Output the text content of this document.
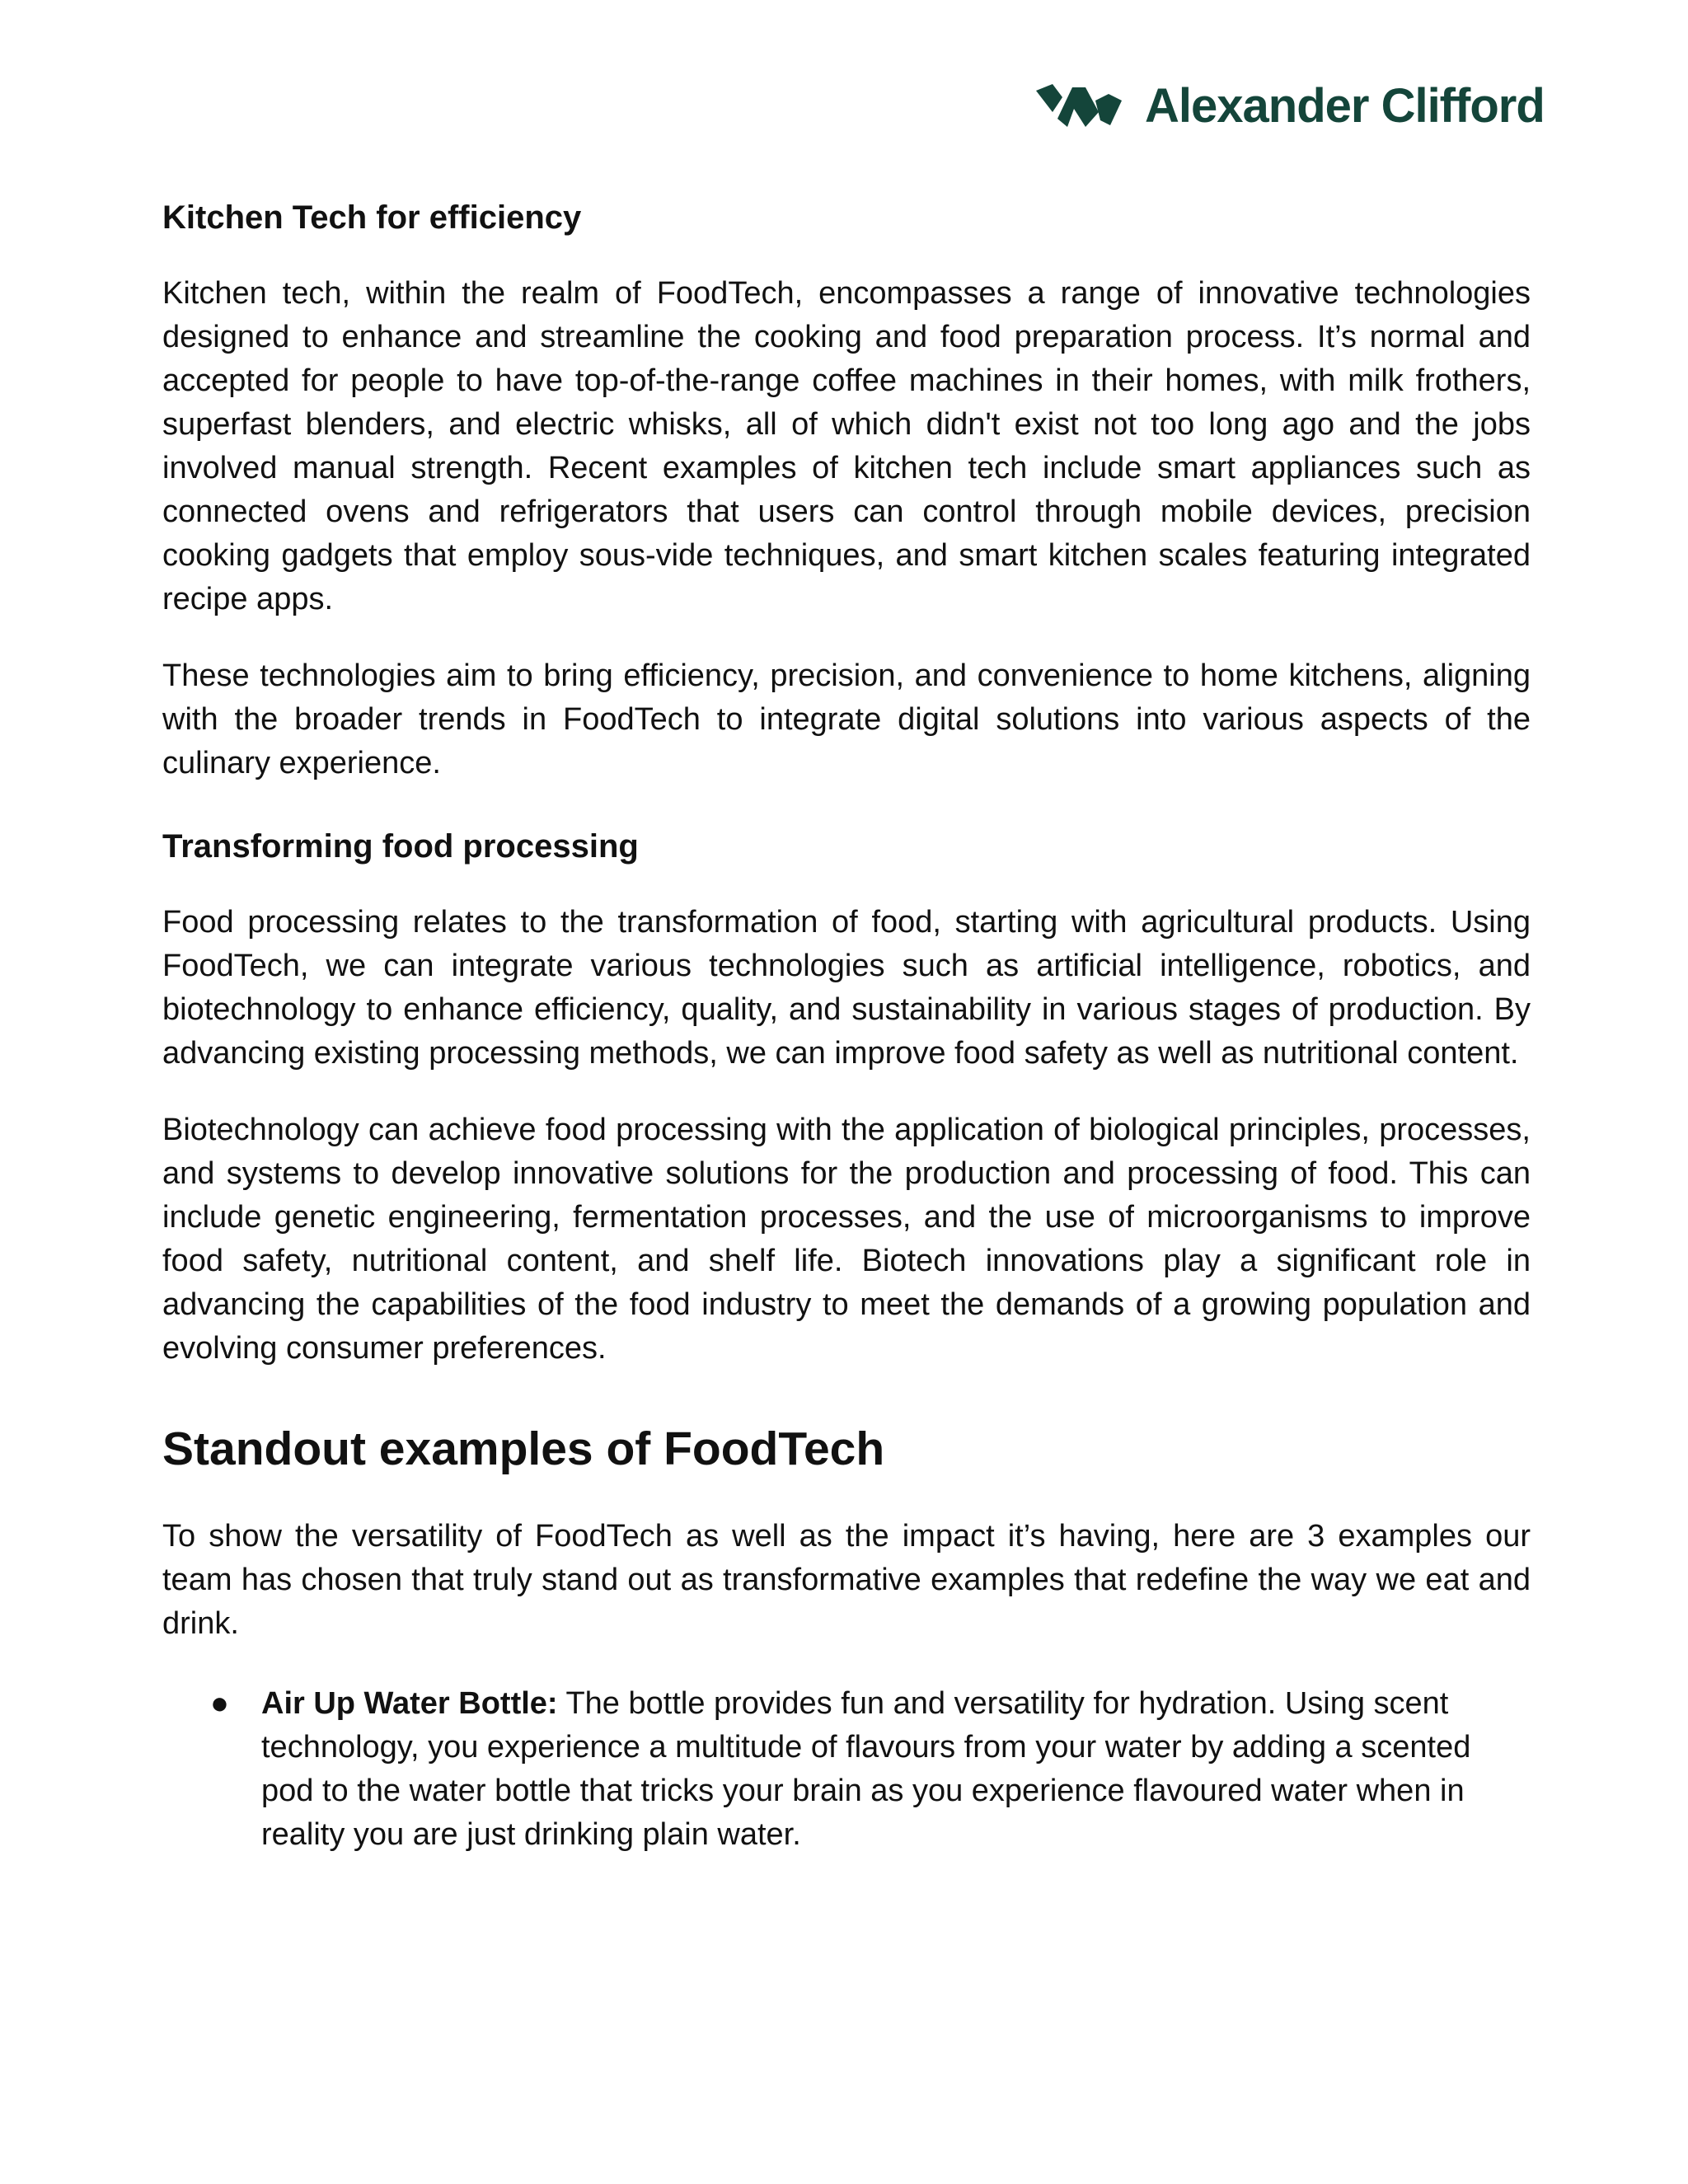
Alexander Clifford
Kitchen Tech for efficiency

Kitchen tech, within the realm of FoodTech, encompasses a range of innovative technologies designed to enhance and streamline the cooking and food preparation process. It’s normal and accepted for people to have top-of-the-range coffee machines in their homes, with milk frothers, superfast blenders, and electric whisks, all of which didn't exist not too long ago and the jobs involved manual strength. Recent examples of kitchen tech include smart appliances such as connected ovens and refrigerators that users can control through mobile devices, precision cooking gadgets that employ sous-vide techniques, and smart kitchen scales featuring integrated recipe apps.

These technologies aim to bring efficiency, precision, and convenience to home kitchens, aligning with the broader trends in FoodTech to integrate digital solutions into various aspects of the culinary experience.

Transforming food processing

Food processing relates to the transformation of food, starting with agricultural products. Using FoodTech, we can integrate various technologies such as artificial intelligence, robotics, and biotechnology to enhance efficiency, quality, and sustainability in various stages of production. By advancing existing processing methods, we can improve food safety as well as nutritional content.

Biotechnology can achieve food processing with the application of biological principles, processes, and systems to develop innovative solutions for the production and processing of food. This can include genetic engineering, fermentation processes, and the use of microorganisms to improve food safety, nutritional content, and shelf life. Biotech innovations play a significant role in advancing the capabilities of the food industry to meet the demands of a growing population and evolving consumer preferences.

Standout examples of FoodTech

To show the versatility of FoodTech as well as the impact it’s having, here are 3 examples our team has chosen that truly stand out as transformative examples that redefine the way we eat and drink.

● Air Up Water Bottle: The bottle provides fun and versatility for hydration. Using scent technology, you experience a multitude of flavours from your water by adding a scented pod to the water bottle that tricks your brain as you experience flavoured water when in reality you are just drinking plain water.
